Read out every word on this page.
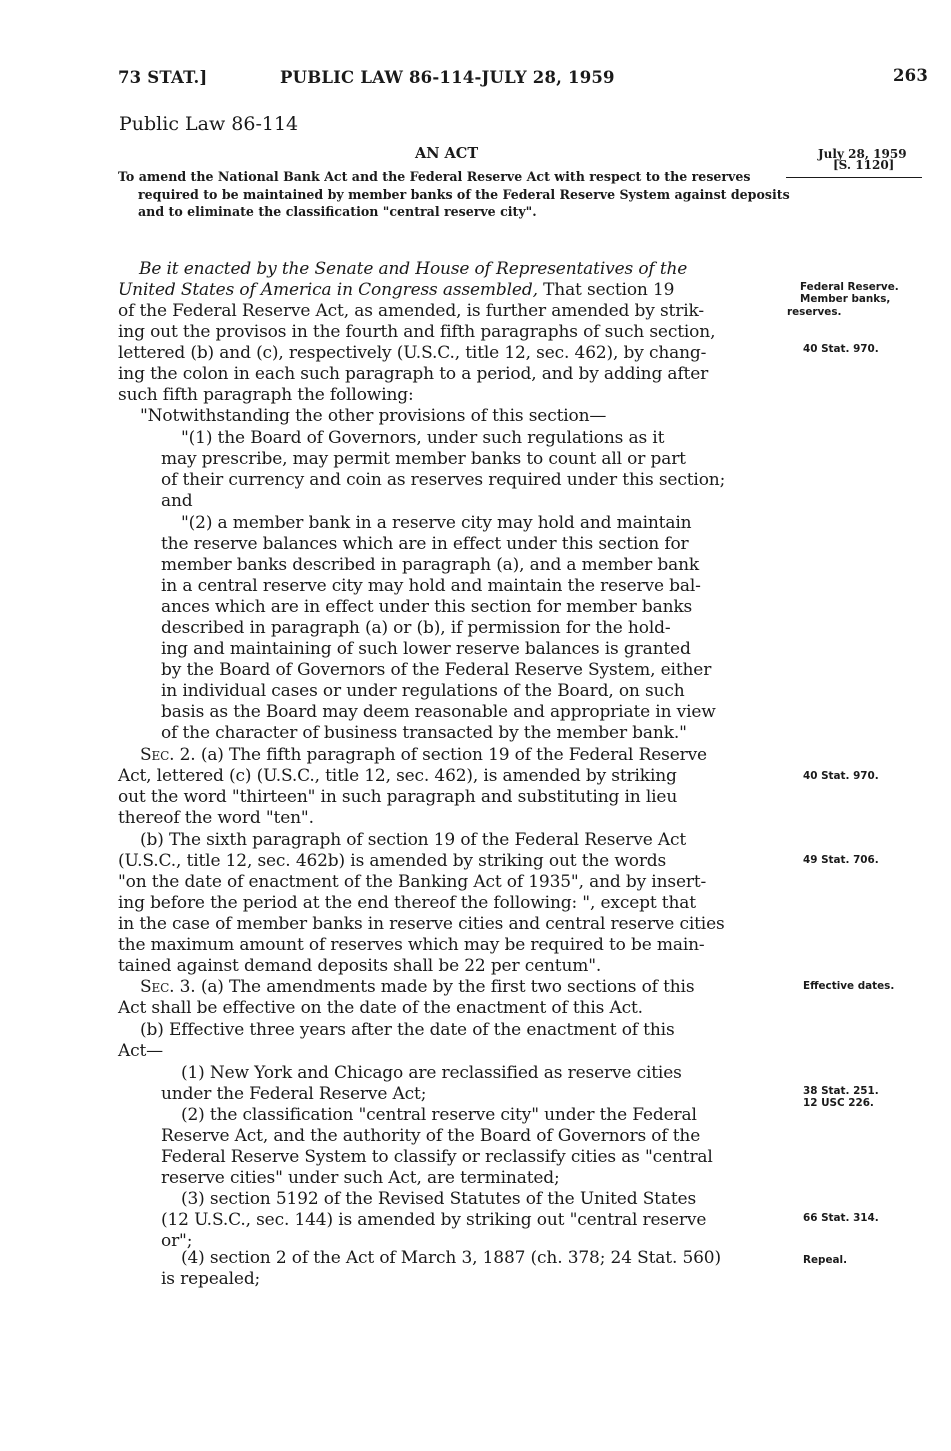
73 STAT.]	PUBLIC LAW 86-114-JULY 28, 1959	263
Public Law 86-114
AN ACT	July 28, 1959
[S. 1120]
To amend the National Bank Act and the Federal Reserve Act with respect to the reserves required to be maintained by member banks of the Federal Reserve System against deposits and to eliminate the classification "central reserve city".
Be it enacted by the Senate and House of Representatives of the
United States of America in Congress assembled, That section 19
of the Federal Reserve Act, as amended, is further amended by strik-
ing out the provisos in the fourth and fifth paragraphs of such section,
lettered (b) and (c), respectively (U.S.C., title 12, sec. 462), by chang-
ing the colon in each such paragraph to a period, and by adding after
such fifth paragraph the following:
"Notwithstanding the other provisions of this section—
"(1) the Board of Governors, under such regulations as it
may prescribe, may permit member banks to count all or part
of their currency and coin as reserves required under this section;
and
"(2) a member bank in a reserve city may hold and maintain
the reserve balances which are in effect under this section for
member banks described in paragraph (a), and a member bank
in a central reserve city may hold and maintain the reserve bal-
ances which are in effect under this section for member banks
described in paragraph (a) or (b), if permission for the hold-
ing and maintaining of such lower reserve balances is granted
by the Board of Governors of the Federal Reserve System, either
in individual cases or under regulations of the Board, on such
basis as the Board may deem reasonable and appropriate in view
of the character of business transacted by the member bank."
Sec. 2. (a) The fifth paragraph of section 19 of the Federal Reserve
Act, lettered (c) (U.S.C., title 12, sec. 462), is amended by striking
out the word "thirteen" in such paragraph and substituting in lieu
thereof the word "ten".
(b) The sixth paragraph of section 19 of the Federal Reserve Act
(U.S.C., title 12, sec. 462b) is amended by striking out the words
"on the date of enactment of the Banking Act of 1935", and by insert-
ing before the period at the end thereof the following: ", except that
in the case of member banks in reserve cities and central reserve cities
the maximum amount of reserves which may be required to be main-
tained against demand deposits shall be 22 per centum".
Sec. 3. (a) The amendments made by the first two sections of this
Act shall be effective on the date of the enactment of this Act.
(b) Effective three years after the date of the enactment of this
Act—
(1) New York and Chicago are reclassified as reserve cities
under the Federal Reserve Act;
(2) the classification "central reserve city" under the Federal
Reserve Act, and the authority of the Board of Governors of the
Federal Reserve System to classify or reclassify cities as "central
reserve cities" under such Act, are terminated;
(3) section 5192 of the Revised Statutes of the United States
(12 U.S.C., sec. 144) is amended by striking out "central reserve
or";
(4) section 2 of the Act of March 3, 1887 (ch. 378; 24 Stat. 560)
is repealed;
Federal Reserve.
Member banks,
reserves.
40 Stat. 970.
40 Stat. 970.
49 Stat. 706.
Effective dates.
38 Stat. 251.
12 USC 226.
66 Stat. 314.
Repeal.
